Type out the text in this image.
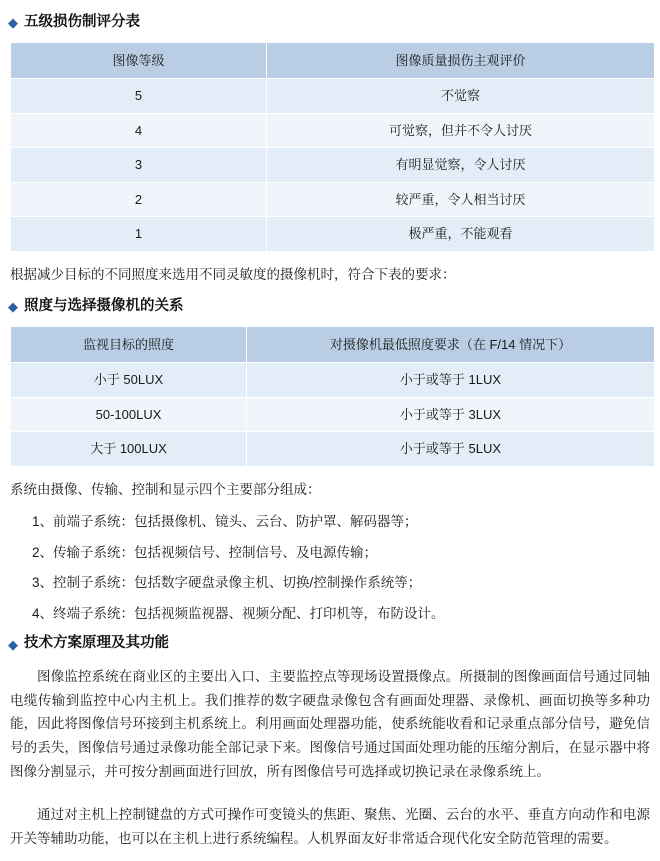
◆ 五级损伤制评分表
图像等级	图像质量损伤主观评价
5	不觉察
4	可觉察，但并不令人讨厌
3	有明显觉察，令人讨厌
2	较严重，令人相当讨厌
1	极严重，不能观看

根据减少目标的不同照度来选用不同灵敏度的摄像机时，符合下表的要求：

◆ 照度与选择摄像机的关系
监视目标的照度	对摄像机最低照度要求（在 F/14 情况下）
小于 50LUX	小于或等于 1LUX
50-100LUX	小于或等于 3LUX
大于 100LUX	小于或等于 5LUX

系统由摄像、传输、控制和显示四个主要部分组成：

1、前端子系统：包括摄像机、镜头、云台、防护罩、解码器等；

2、传输子系统：包括视频信号、控制信号、及电源传输；

3、控制子系统：包括数字硬盘录像主机、切换/控制操作系统等；

4、终端子系统：包括视频监视器、视频分配、打印机等，布防设计。

◆ 技术方案原理及其功能

图像监控系统在商业区的主要出入口、主要监控点等现场设置摄像点。所摄制的图像画面信号通过同轴电缆传输到监控中心内主机上。我们推荐的数字硬盘录像包含有画面处理器、录像机、画面切换等多种功能，因此将图像信号环接到主机系统上。利用画面处理器功能，使系统能收看和记录重点部分信号，避免信号的丢失，图像信号通过录像功能全部记录下来。图像信号通过国面处理功能的压缩分割后，在显示器中将图像分割显示，并可按分割画面进行回放，所有图像信号可选择或切换记录在录像系统上。

通过对主机上控制键盘的方式可操作可变镜头的焦距、聚焦、光圈、云台的水平、垂直方向动作和电源开关等辅助功能，也可以在主机上进行系统编程。人机界面友好非常适合现代化安全防范管理的需要。
